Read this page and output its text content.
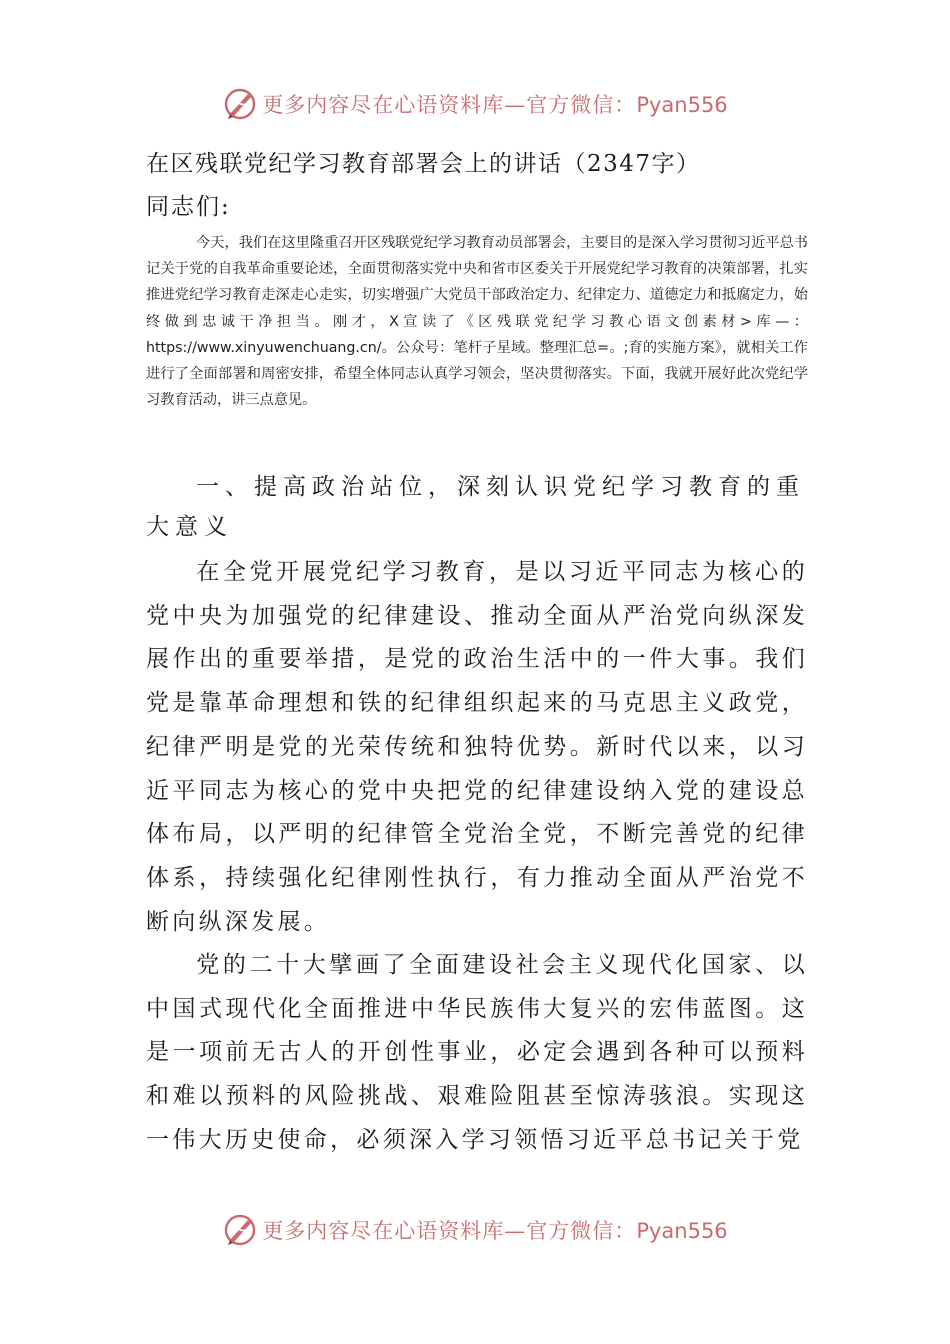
更多内容尽在心语资料库—官方微信：Pyan556
在区残联党纪学习教育部署会上的讲话（2347字）
同志们:
今天，我们在这里隆重召开区残联党纪学习教育动员部署会，主要目的是深入学习贯彻习近平总书记关于党的自我革命重要论述，全面贯彻落实党中央和省市区委关于开展党纪学习教育的决策部署，扎实推进党纪学习教育走深走心走实，切实增强广大党员干部政治定力、纪律定力、道德定力和抵腐定力，始终做到忠诚干净担当。刚才，X宣读了《区残联党纪学习教心语文创素材>库—：https://www.xinyuwenchuang.cn/。公众号：笔杆子星域。整理汇总=。;育的实施方案》，就相关工作进行了全面部署和周密安排，希望全体同志认真学习领会，坚决贯彻落实。下面，我就开展好此次党纪学习教育活动，讲三点意见。
一、提高政治站位，深刻认识党纪学习教育的重大意义
在全党开展党纪学习教育，是以习近平同志为核心的党中央为加强党的纪律建设、推动全面从严治党向纵深发展作出的重要举措，是党的政治生活中的一件大事。我们党是靠革命理想和铁的纪律组织起来的马克思主义政党，纪律严明是党的光荣传统和独特优势。新时代以来，以习近平同志为核心的党中央把党的纪律建设纳入党的建设总体布局，以严明的纪律管全党治全党，不断完善党的纪律体系，持续强化纪律刚性执行，有力推动全面从严治党不断向纵深发展。
党的二十大擘画了全面建设社会主义现代化国家、以中国式现代化全面推进中华民族伟大复兴的宏伟蓝图。这是一项前无古人的开创性事业，必定会遇到各种可以预料和难以预料的风险挑战、艰难险阻甚至惊涛骇浪。实现这一伟大历史使命，必须深入学习领悟习近平总书记关于党
更多内容尽在心语资料库—官方微信：Pyan556
